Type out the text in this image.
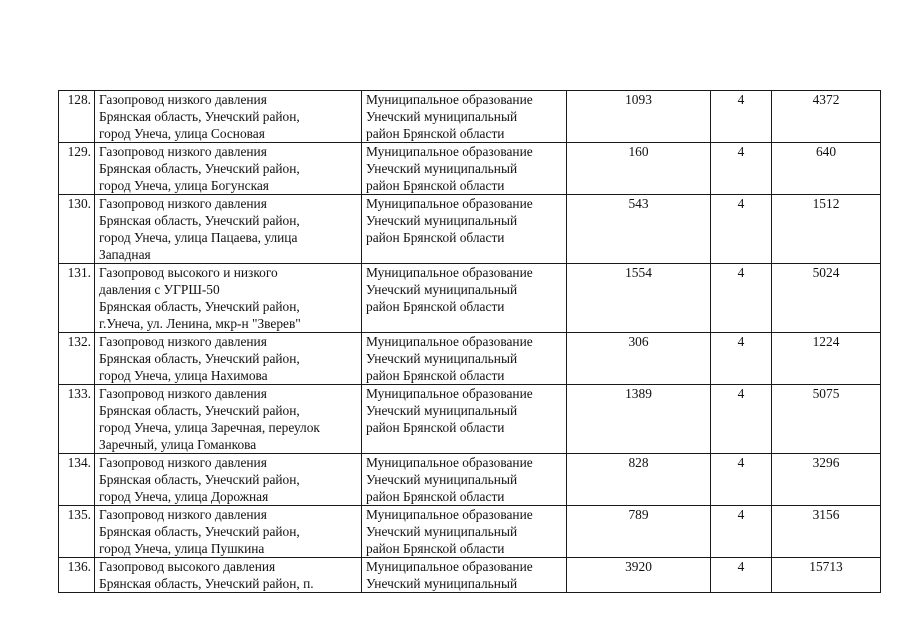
128.	Газопровод низкого давления
Брянская область, Унечский район,
город Унеча, улица Сосновая	Муниципальное образование
Унечский муниципальный
район Брянской области	1093	4	4372
129.	Газопровод низкого давления
Брянская область, Унечский район,
город Унеча, улица Богунская	Муниципальное образование
Унечский муниципальный
район Брянской области	160	4	640
130.	Газопровод низкого давления
Брянская область, Унечский район,
город Унеча, улица Пацаева, улица
Западная	Муниципальное образование
Унечский муниципальный
район Брянской области	543	4	1512
131.	Газопровод высокого и низкого
давления с УГРШ-50
Брянская область, Унечский район,
г.Унеча, ул. Ленина, мкр-н "Зверев"	Муниципальное образование
Унечский муниципальный
район Брянской области	1554	4	5024
132.	Газопровод низкого давления
Брянская область, Унечский район,
город Унеча, улица Нахимова	Муниципальное образование
Унечский муниципальный
район Брянской области	306	4	1224
133.	Газопровод низкого давления
Брянская область, Унечский район,
город Унеча, улица Заречная, переулок
Заречный, улица Гоманкова	Муниципальное образование
Унечский муниципальный
район Брянской области	1389	4	5075
134.	Газопровод низкого давления
Брянская область, Унечский район,
город Унеча, улица Дорожная	Муниципальное образование
Унечский муниципальный
район Брянской области	828	4	3296
135.	Газопровод низкого давления
Брянская область, Унечский район,
город Унеча, улица Пушкина	Муниципальное образование
Унечский муниципальный
район Брянской области	789	4	3156
136.	Газопровод высокого давления
Брянская область, Унечский район, п.	Муниципальное образование
Унечский муниципальный	3920	4	15713
